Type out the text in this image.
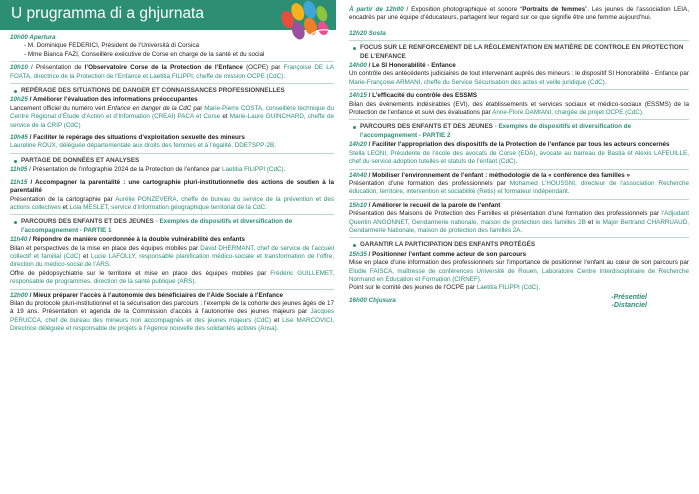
U prugramma di a ghjurnata

10h00 Apertura

- M. Dominique FEDERICI, Président de l’Università di Corsica

- Mme Bianca FAZI, Conseillère exécutive de Corse en charge de la santé et du social

10h10 / Présentation de l’Observatoire Corse de la Protection de l’Enfance (OCPE) par Françoise DE LA FOATA, directrice de la Protection de l’Enfance et Laetitia FILIPPI, cheffe de mission OCPE (CdC).

REPÉRAGE DES SITUATIONS DE DANGER ET CONNAISSANCES PROFESSIONNELLES

10h25 / Améliorer l’évaluation des informations préoccupantes
Lancement officiel du numéro vert Enfance en danger de la CdC par Marie-Pierre COSTA, conseillère technique du Centre Régional d’Étude d’Action et d’Information (CREAI) PACA et Corse et Marie-Laure GUINCHARD, cheffe de service de la CRIP (CdC)

10h45 / Faciliter le repérage des situations d’exploitation sexuelle des mineurs
Laureline ROUX, déléguée départementale aux droits des femmes et à l’égalité, DDETSPP-2B.

PARTAGE DE DONNÉES ET ANALYSES

11h05 / Présentation de l’infographie 2024 de la Protection de l’enfance par Laetitia FILIPPI (CdC).

11h15 / Accompagner la parentalité : une cartographie pluri-institutionnelle des actions de soutien à la parentalité
Présentation de la cartographie par Aurélie PONZEVERA, cheffe de bureau du service de la prévention et des actions collectives et Lola MESLET, service d’information géographique territorial de la CdC.

PARCOURS DES ENFANTS ET DES JEUNES - Exemples de dispositifs et diversification de l’accompagnement - PARTIE 1

11h40 / Répondre de manière coordonnée à la double vulnérabilité des enfants
Bilan et perspectives de la mise en place des équipes mobiles par David DHERMANT, chef de service de l’accueil collectif et familial (CdC) et Lucie LAFOLLY, responsable planification médico-sociale et transformation de l’offre, direction du médico-social de l’ARS.
Offre de pédopsychiatrie sur le territoire et mise en place des équipes mobiles par Frédéric GUILLEMET, responsable de programmes, direction de la santé publique (ARS).

12h00 / Mieux préparer l’accès à l’autonomie des bénéficiaires de l’Aide Sociale à l’Enfance
Bilan du protocole pluri-institutionnel et la sécurisation des parcours : l’exemple de la cohorte des jeunes âgés de 17 à 19 ans. Présentation et agenda de la Commission d’accès à l’autonomie des jeunes majeurs par Jacques PERUCCA, chef de bureau des mineurs non accompagnés et des jeunes majeurs (CdC) et Lise MARCOVICI, Directrice déléguée et responsable de projets à l’Agence nouvelle des solidarités actives (Ansa).

À partir de 12h00 / Exposition photographique et sonore “Portraits de femmes”. Les jeunes de l’association LEIA, encadrés par une équipe d’éducateurs, partagent leur regard sur ce que signifie être une femme aujourd’hui.

12h20 Sosta

FOCUS SUR LE RENFORCEMENT DE LA RÉGLEMENTATION EN MATIÈRE DE CONTROLE EN PROTECTION DE L’ENFANCE

14h00 / Le SI Honorabilité - Enfance
Un contrôle des antécédents judiciaires de tout intervenant auprès des mineurs : le dispositif SI Honorabilité - Enfance par Marie-Françoise ARMANI, cheffe du Service Sécurisation des actes et veille juridique (CdC).

14h15 / L’efficacité du contrôle des ESSMS
Bilan des événements indésirables (EVI), des établissements et services sociaux et médico-sociaux (ESSMS) de la Protection de l’enfance et suivi des évaluations par Anne-Flore DAMIANI, chargée de projet OCPE (CdC).

PARCOURS DES ENFANTS ET DES JEUNES - Exemples de dispositifs et diversification de l’accompagnement - PARTIE 2

14h20 / Faciliter l’appropriation des dispositifs de la Protection de l’enfance par tous les acteurs concernés
Stella LEONI, Présidente de l’école des avocats de Corse (EDA), avocate au barreau de Bastia et Alexis LAFEUILLE, chef du service adoption tutelles et statuts de l’enfant (CdC).

14h40 / Mobiliser l’environnement de l’enfant : méthodologie de la « conférence des familles »
Présentation d’une formation des professionnels par Mohamed L’HOUSSNI, directeur de l’association Recherche éducation, territoire, intervention et sociabilité (Retis) et formateur indépendant.

15h10 / Améliorer le recueil de la parole de l’enfant
Présentation des Maisons de Protection des Familles et présentation d’une formation des professionnels par l’Adjudant Quentin ANGONNET, Gendarmerie nationale, maison de protection des familles 2B et le Major Bertrand CHARRUAUD, Gendarmerie Nationale, maison de protection des familles 2A.

GARANTIR LA PARTICIPATION DES ENFANTS PROTÉGÉS

15h35 / Positionner l’enfant comme acteur de son parcours
Mise en place d’une information des professionnels sur l’importance de positionner l’enfant au cœur de son parcours par Elodie FAISCA, maîtresse de conférences Université de Rouen, Laboratoire Centre Interdisciplinaire de Recherche Normand en Education et Formation (CIRNEF).
Point sur le comité des jeunes de l’OCPE par Laetitia FILIPPI (CdC).

-Présentiel

16h00 Chjusura

-Distanciel
